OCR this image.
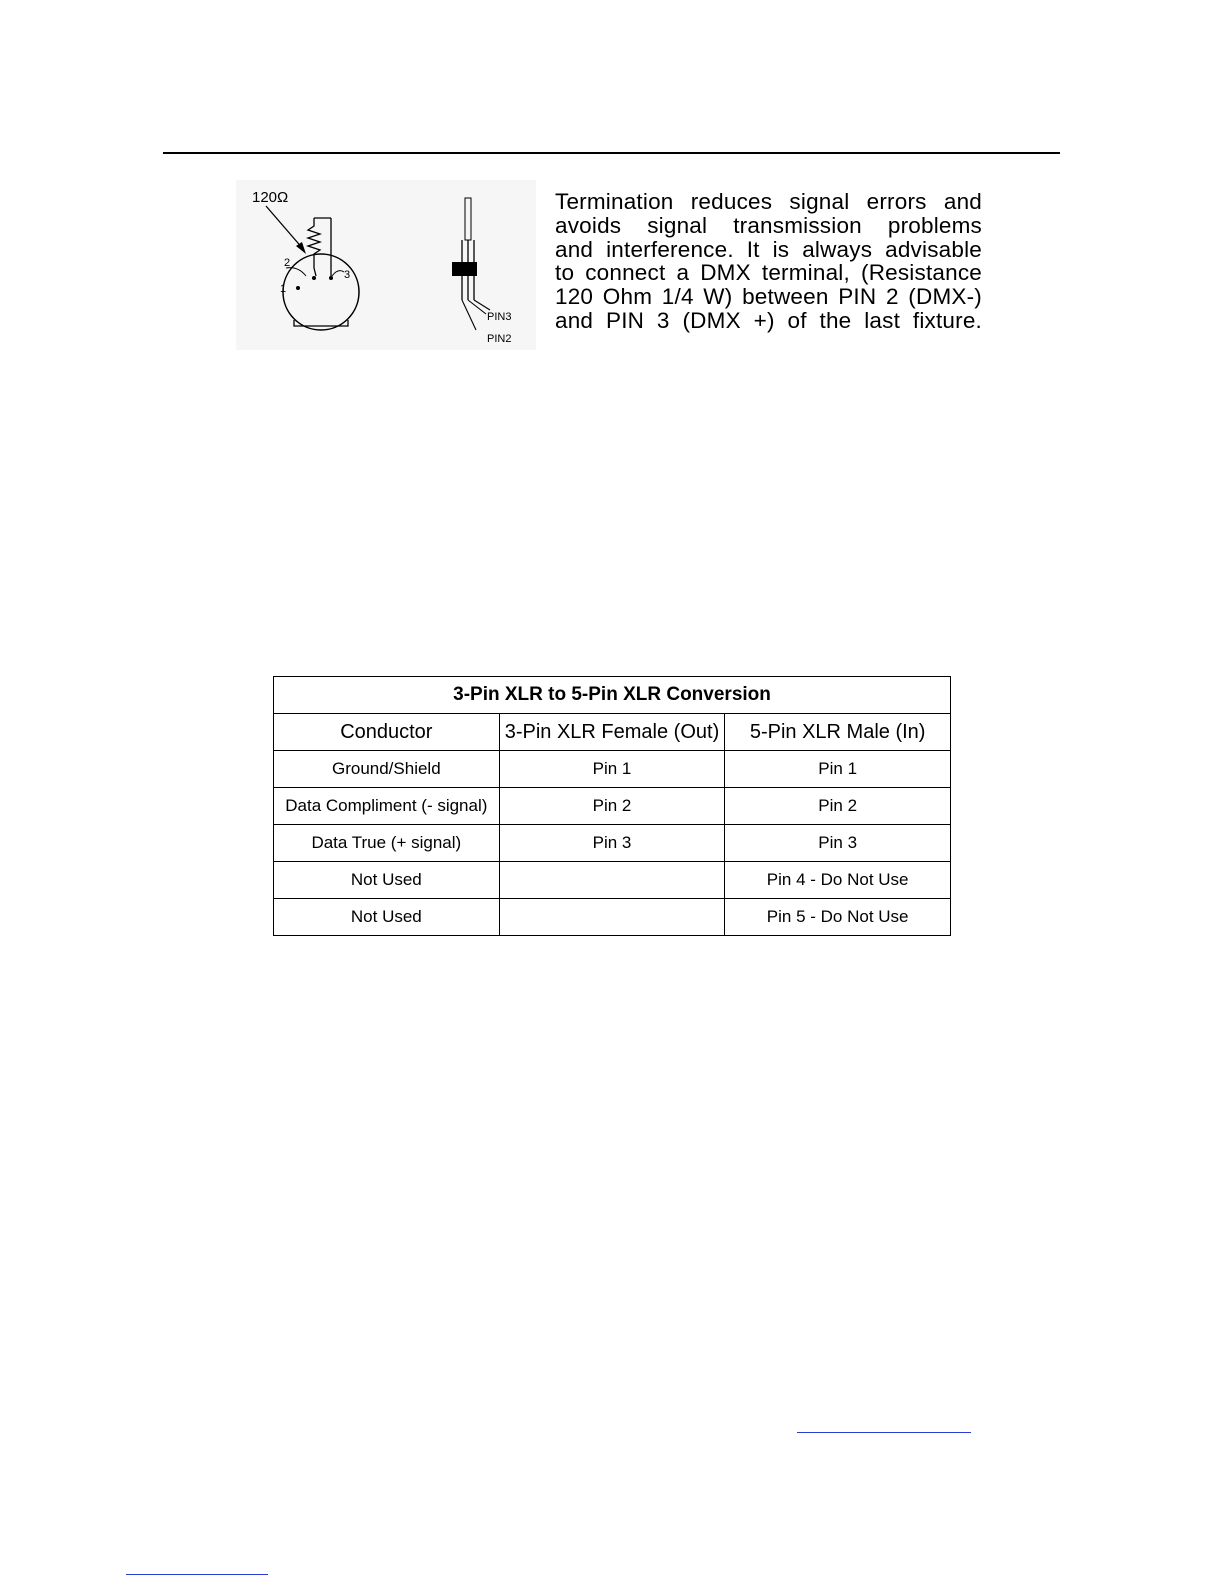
120Ω
1
2
3
PIN3
PIN2
Termination reduces signal errors and
avoids signal transmission problems
and interference. It is always advisable
to connect a DMX terminal, (Resistance
120 Ohm 1/4 W) between PIN 2 (DMX-)
and PIN 3 (DMX +) of the last fixture.
3-Pin XLR to 5-Pin XLR Conversion		
Conductor	3-Pin XLR Female (Out)	5-Pin XLR Male (In)
Ground/Shield	Pin 1	Pin 1
Data Compliment (- signal)	Pin 2	Pin 2
Data True (+ signal)	Pin 3	Pin 3
Not Used		Pin 4 - Do Not Use
Not Used		Pin 5 - Do Not Use
